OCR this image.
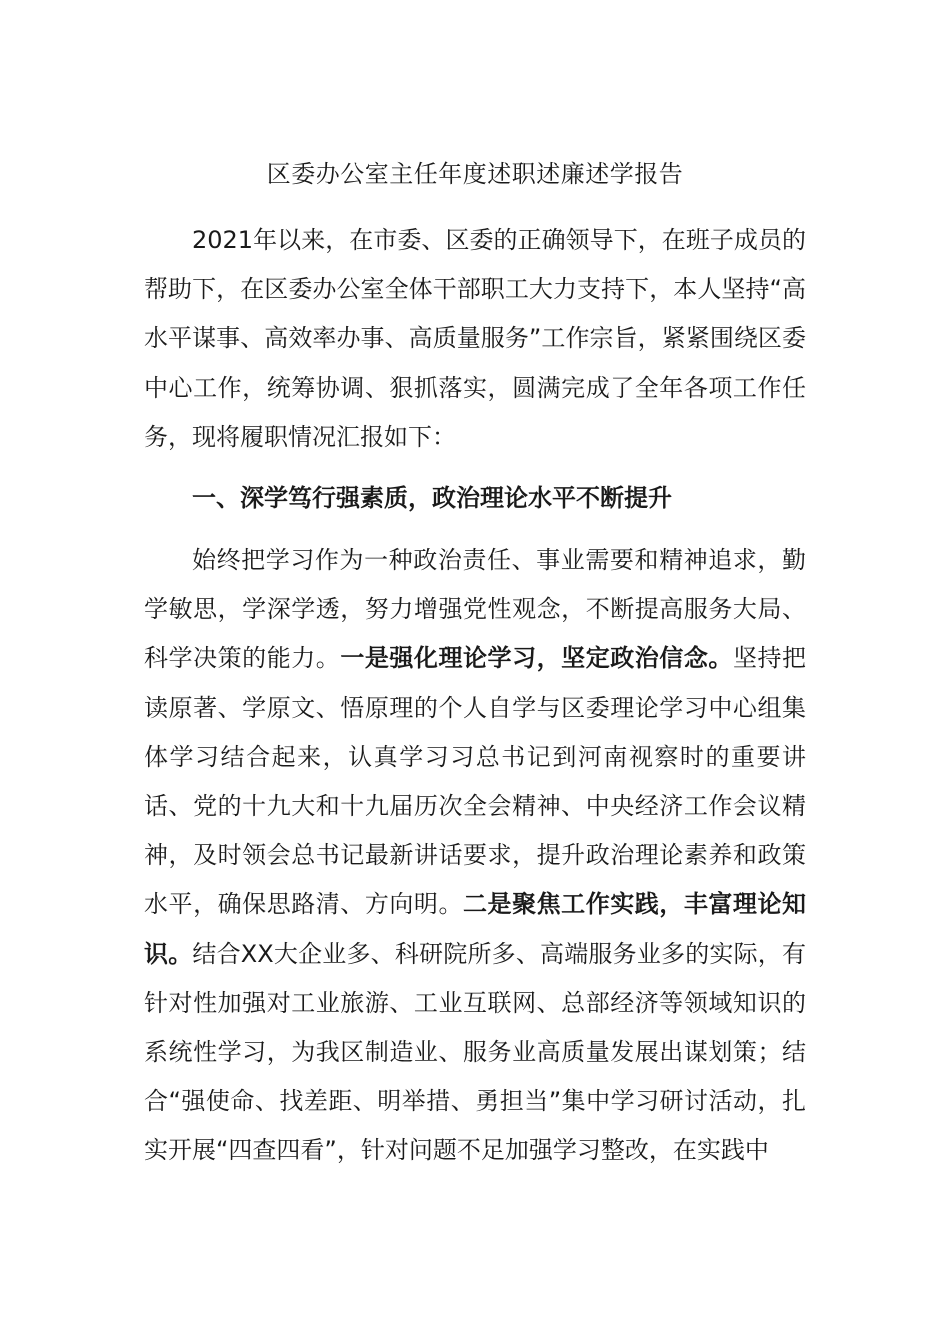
区委办公室主任年度述职述廉述学报告

2021年以来，在市委、区委的正确领导下，在班子成员的帮助下，在区委办公室全体干部职工大力支持下，本人坚持“高水平谋事、高效率办事、高质量服务”工作宗旨，紧紧围绕区委中心工作，统筹协调、狠抓落实，圆满完成了全年各项工作任务，现将履职情况汇报如下：

一、深学笃行强素质，政治理论水平不断提升

始终把学习作为一种政治责任、事业需要和精神追求，勤学敏思，学深学透，努力增强党性观念，不断提高服务大局、科学决策的能力。一是强化理论学习，坚定政治信念。坚持把读原著、学原文、悟原理的个人自学与区委理论学习中心组集体学习结合起来，认真学习习总书记到河南视察时的重要讲话、党的十九大和十九届历次全会精神、中央经济工作会议精神，及时领会总书记最新讲话要求，提升政治理论素养和政策水平，确保思路清、方向明。二是聚焦工作实践，丰富理论知识。结合XX大企业多、科研院所多、高端服务业多的实际，有针对性加强对工业旅游、工业互联网、总部经济等领域知识的系统性学习，为我区制造业、服务业高质量发展出谋划策；结合“强使命、找差距、明举措、勇担当”集中学习研讨活动，扎实开展“四查四看”，针对问题不足加强学习整改，在实践中
